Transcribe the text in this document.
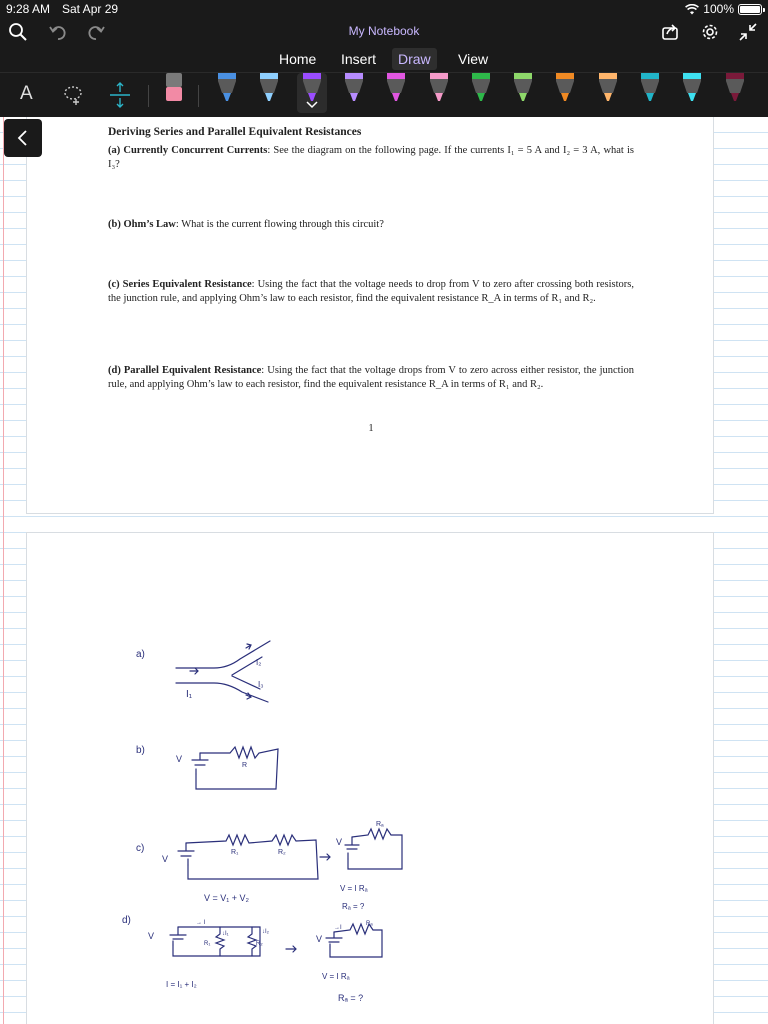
9:28 AM Sat Apr 29	100%
My Notebook
Home	Insert	Draw	View
A
Deriving Series and Parallel Equivalent Resistances
(a) Currently Concurrent Currents: See the diagram on the following page. If the currents I₁ = 5 A and I₂ = 3 A, what is I₃?
(b) Ohm’s Law: What is the current flowing through this circuit?
(c) Series Equivalent Resistance: Using the fact that the voltage needs to drop from V to zero after crossing both resistors, the junction rule, and applying Ohm’s law to each resistor, find the equivalent resistance R_A in terms of R₁ and R₂.
(d) Parallel Equivalent Resistance: Using the fact that the voltage drops from V to zero across either resistor, the junction rule, and applying Ohm’s law to each resistor, find the equivalent resistance R_A in terms of R₁ and R₂.
1
a)
I₁
I₂
I₃
b)
V
R
c)
V
R₁	R₂
V = V₁ + V₂
Rₐ
V
V = I Rₐ
Rₐ = ?
d)
V
→ I
↓I₁	↓I₂
R₁	R₂
I = I₁ + I₂
Rₐ
V
→I
V = I Rₐ
Rₐ = ?
